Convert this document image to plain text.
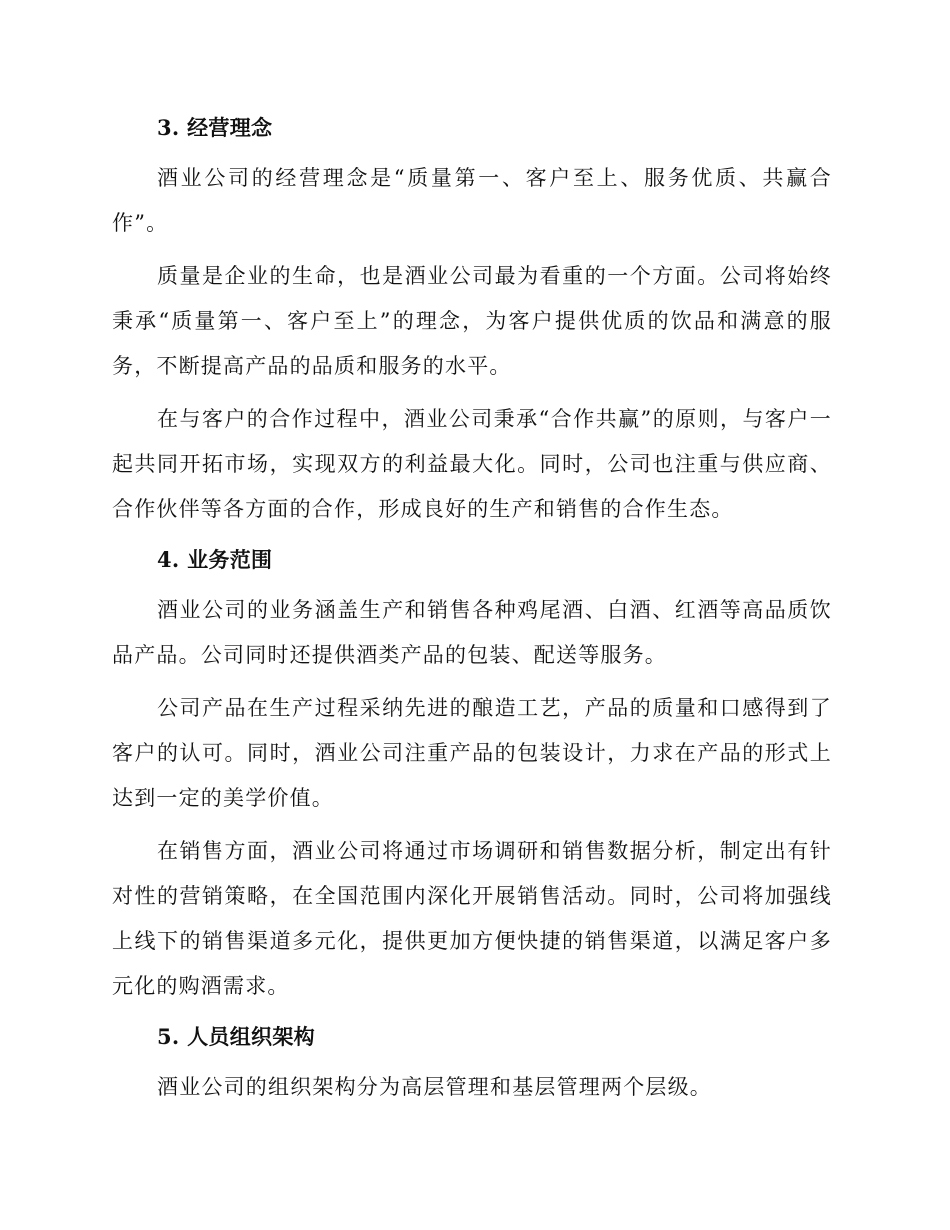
3. 经营理念

酒业公司的经营理念是“质量第一、客户至上、服务优质、共赢合作”。

质量是企业的生命，也是酒业公司最为看重的一个方面。公司将始终秉承“质量第一、客户至上”的理念，为客户提供优质的饮品和满意的服务，不断提高产品的品质和服务的水平。

在与客户的合作过程中，酒业公司秉承“合作共赢”的原则，与客户一起共同开拓市场，实现双方的利益最大化。同时，公司也注重与供应商、合作伙伴等各方面的合作，形成良好的生产和销售的合作生态。

4. 业务范围

酒业公司的业务涵盖生产和销售各种鸡尾酒、白酒、红酒等高品质饮品产品。公司同时还提供酒类产品的包装、配送等服务。

公司产品在生产过程采纳先进的酿造工艺，产品的质量和口感得到了客户的认可。同时，酒业公司注重产品的包装设计，力求在产品的形式上达到一定的美学价值。

在销售方面，酒业公司将通过市场调研和销售数据分析，制定出有针对性的营销策略，在全国范围内深化开展销售活动。同时，公司将加强线上线下的销售渠道多元化，提供更加方便快捷的销售渠道，以满足客户多元化的购酒需求。

5. 人员组织架构

酒业公司的组织架构分为高层管理和基层管理两个层级。
